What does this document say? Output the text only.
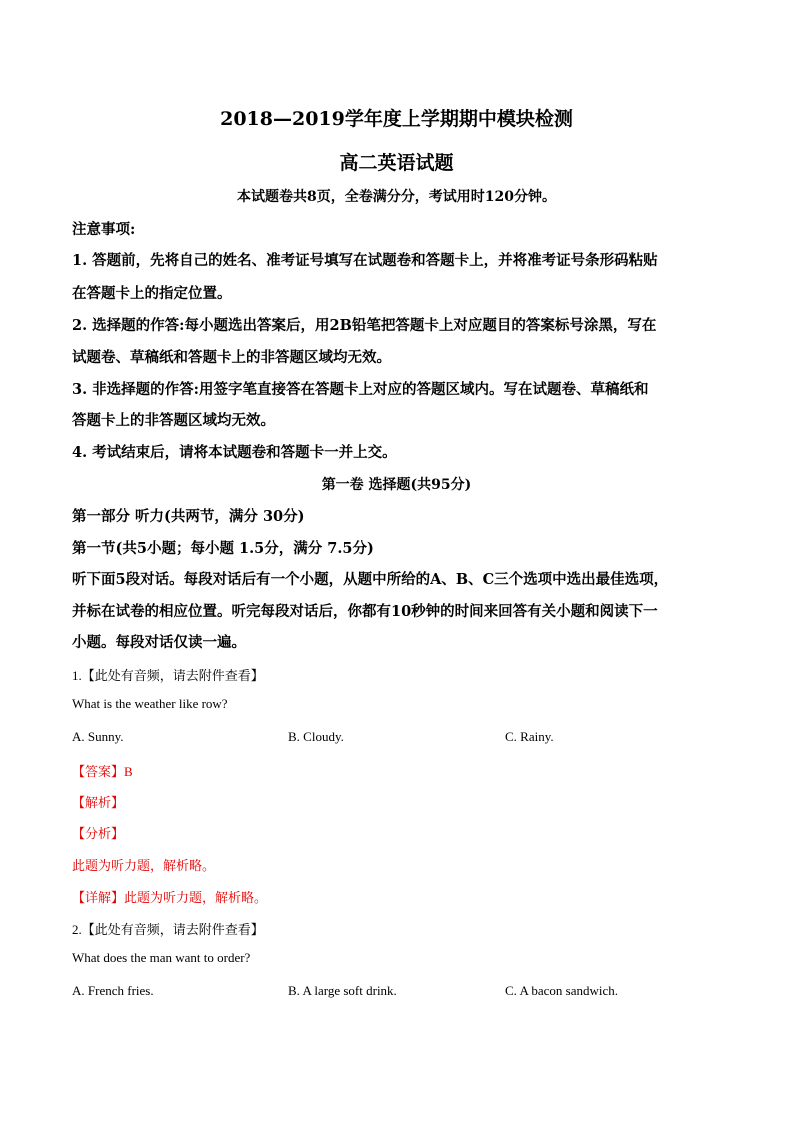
2018—2019学年度上学期期中模块检测
高二英语试题
本试题卷共8页，全卷满分分，考试用时120分钟。
注意事项:
1. 答题前，先将自己的姓名、准考证号填写在试题卷和答题卡上，并将准考证号条形码粘贴
在答题卡上的指定位置。
2. 选择题的作答:每小题选出答案后，用2B铅笔把答题卡上对应题目的答案标号涂黑，写在
试题卷、草稿纸和答题卡上的非答题区域均无效。
3. 非选择题的作答:用签字笔直接答在答题卡上对应的答题区域内。写在试题卷、草稿纸和
答题卡上的非答题区域均无效。
4. 考试结束后，请将本试题卷和答题卡一并上交。
第一卷 选择题(共95分)
第一部分 听力(共两节，满分 30分)
第一节(共5小题；每小题 1.5分，满分 7.5分)
听下面5段对话。每段对话后有一个小题，从题中所给的A、B、C三个选项中选出最佳选项，
并标在试卷的相应位置。听完每段对话后，你都有10秒钟的时间来回答有关小题和阅读下一
小题。每段对话仅读一遍。
1.【此处有音频，请去附件查看】
What is the weather like row?
A. Sunny.	B. Cloudy.	C. Rainy.
【答案】B
【解析】
【分析】
此题为听力题，解析略。
【详解】此题为听力题，解析略。
2.【此处有音频，请去附件查看】
What does the man want to order?
A. French fries.	B. A large soft drink.	C. A bacon sandwich.
